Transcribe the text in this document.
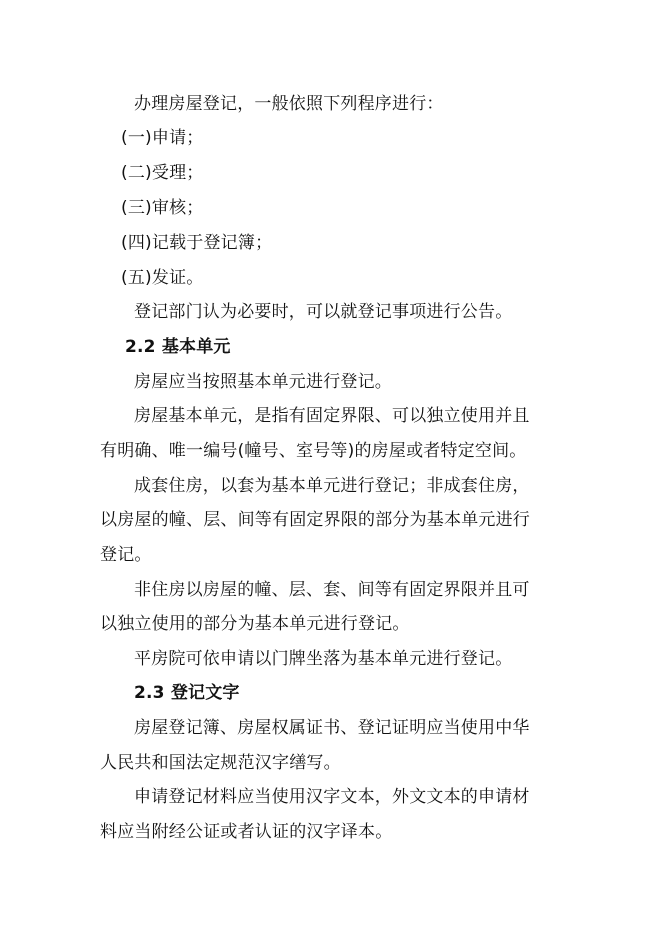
办理房屋登记，一般依照下列程序进行：
(一)申请；
(二)受理；
(三)审核；
(四)记载于登记簿；
(五)发证。
登记部门认为必要时，可以就登记事项进行公告。
2.2 基本单元
房屋应当按照基本单元进行登记。
房屋基本单元，是指有固定界限、可以独立使用并且
有明确、唯一编号(幢号、室号等)的房屋或者特定空间。
成套住房，以套为基本单元进行登记；非成套住房，
以房屋的幢、层、间等有固定界限的部分为基本单元进行
登记。
非住房以房屋的幢、层、套、间等有固定界限并且可
以独立使用的部分为基本单元进行登记。
平房院可依申请以门牌坐落为基本单元进行登记。
2.3 登记文字
房屋登记簿、房屋权属证书、登记证明应当使用中华
人民共和国法定规范汉字缮写。
申请登记材料应当使用汉字文本，外文文本的申请材
料应当附经公证或者认证的汉字译本。
